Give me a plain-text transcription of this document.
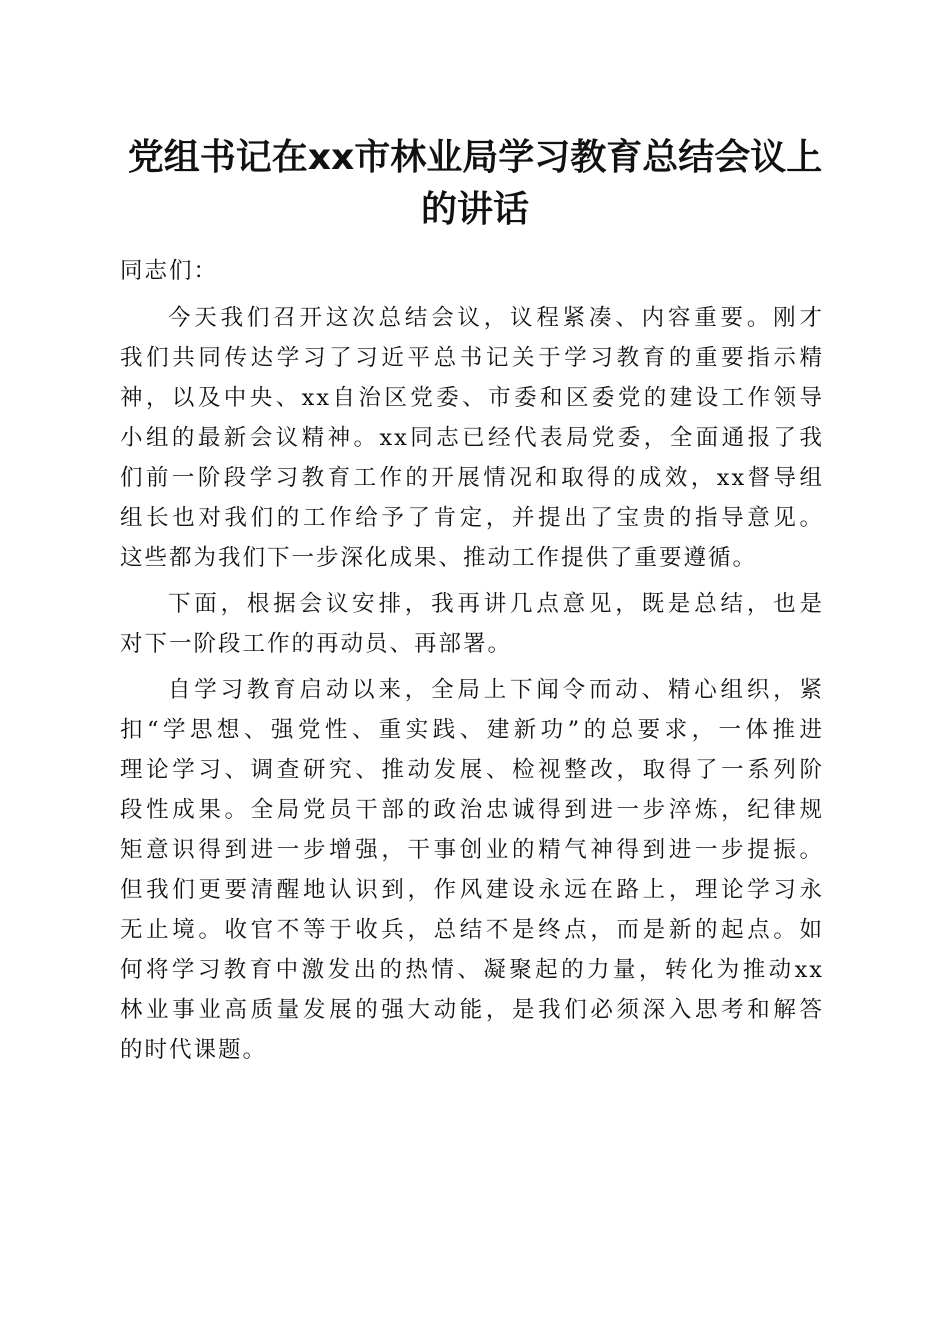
党组书记在xx市林业局学习教育总结会议上
的讲话
同志们：
今天我们召开这次总结会议，议程紧凑、内容重要。刚才
我们共同传达学习了习近平总书记关于学习教育的重要指示精
神，以及中央、xx自治区党委、市委和区委党的建设工作领导
小组的最新会议精神。xx同志已经代表局党委，全面通报了我
们前一阶段学习教育工作的开展情况和取得的成效，xx督导组
组长也对我们的工作给予了肯定，并提出了宝贵的指导意见。
这些都为我们下一步深化成果、推动工作提供了重要遵循。
下面，根据会议安排，我再讲几点意见，既是总结，也是
对下一阶段工作的再动员、再部署。
自学习教育启动以来，全局上下闻令而动、精心组织，紧
扣“学思想、强党性、重实践、建新功”的总要求，一体推进
理论学习、调查研究、推动发展、检视整改，取得了一系列阶
段性成果。全局党员干部的政治忠诚得到进一步淬炼，纪律规
矩意识得到进一步增强，干事创业的精气神得到进一步提振。
但我们更要清醒地认识到，作风建设永远在路上，理论学习永
无止境。收官不等于收兵，总结不是终点，而是新的起点。如
何将学习教育中激发出的热情、凝聚起的力量，转化为推动xx
林业事业高质量发展的强大动能，是我们必须深入思考和解答
的时代课题。
